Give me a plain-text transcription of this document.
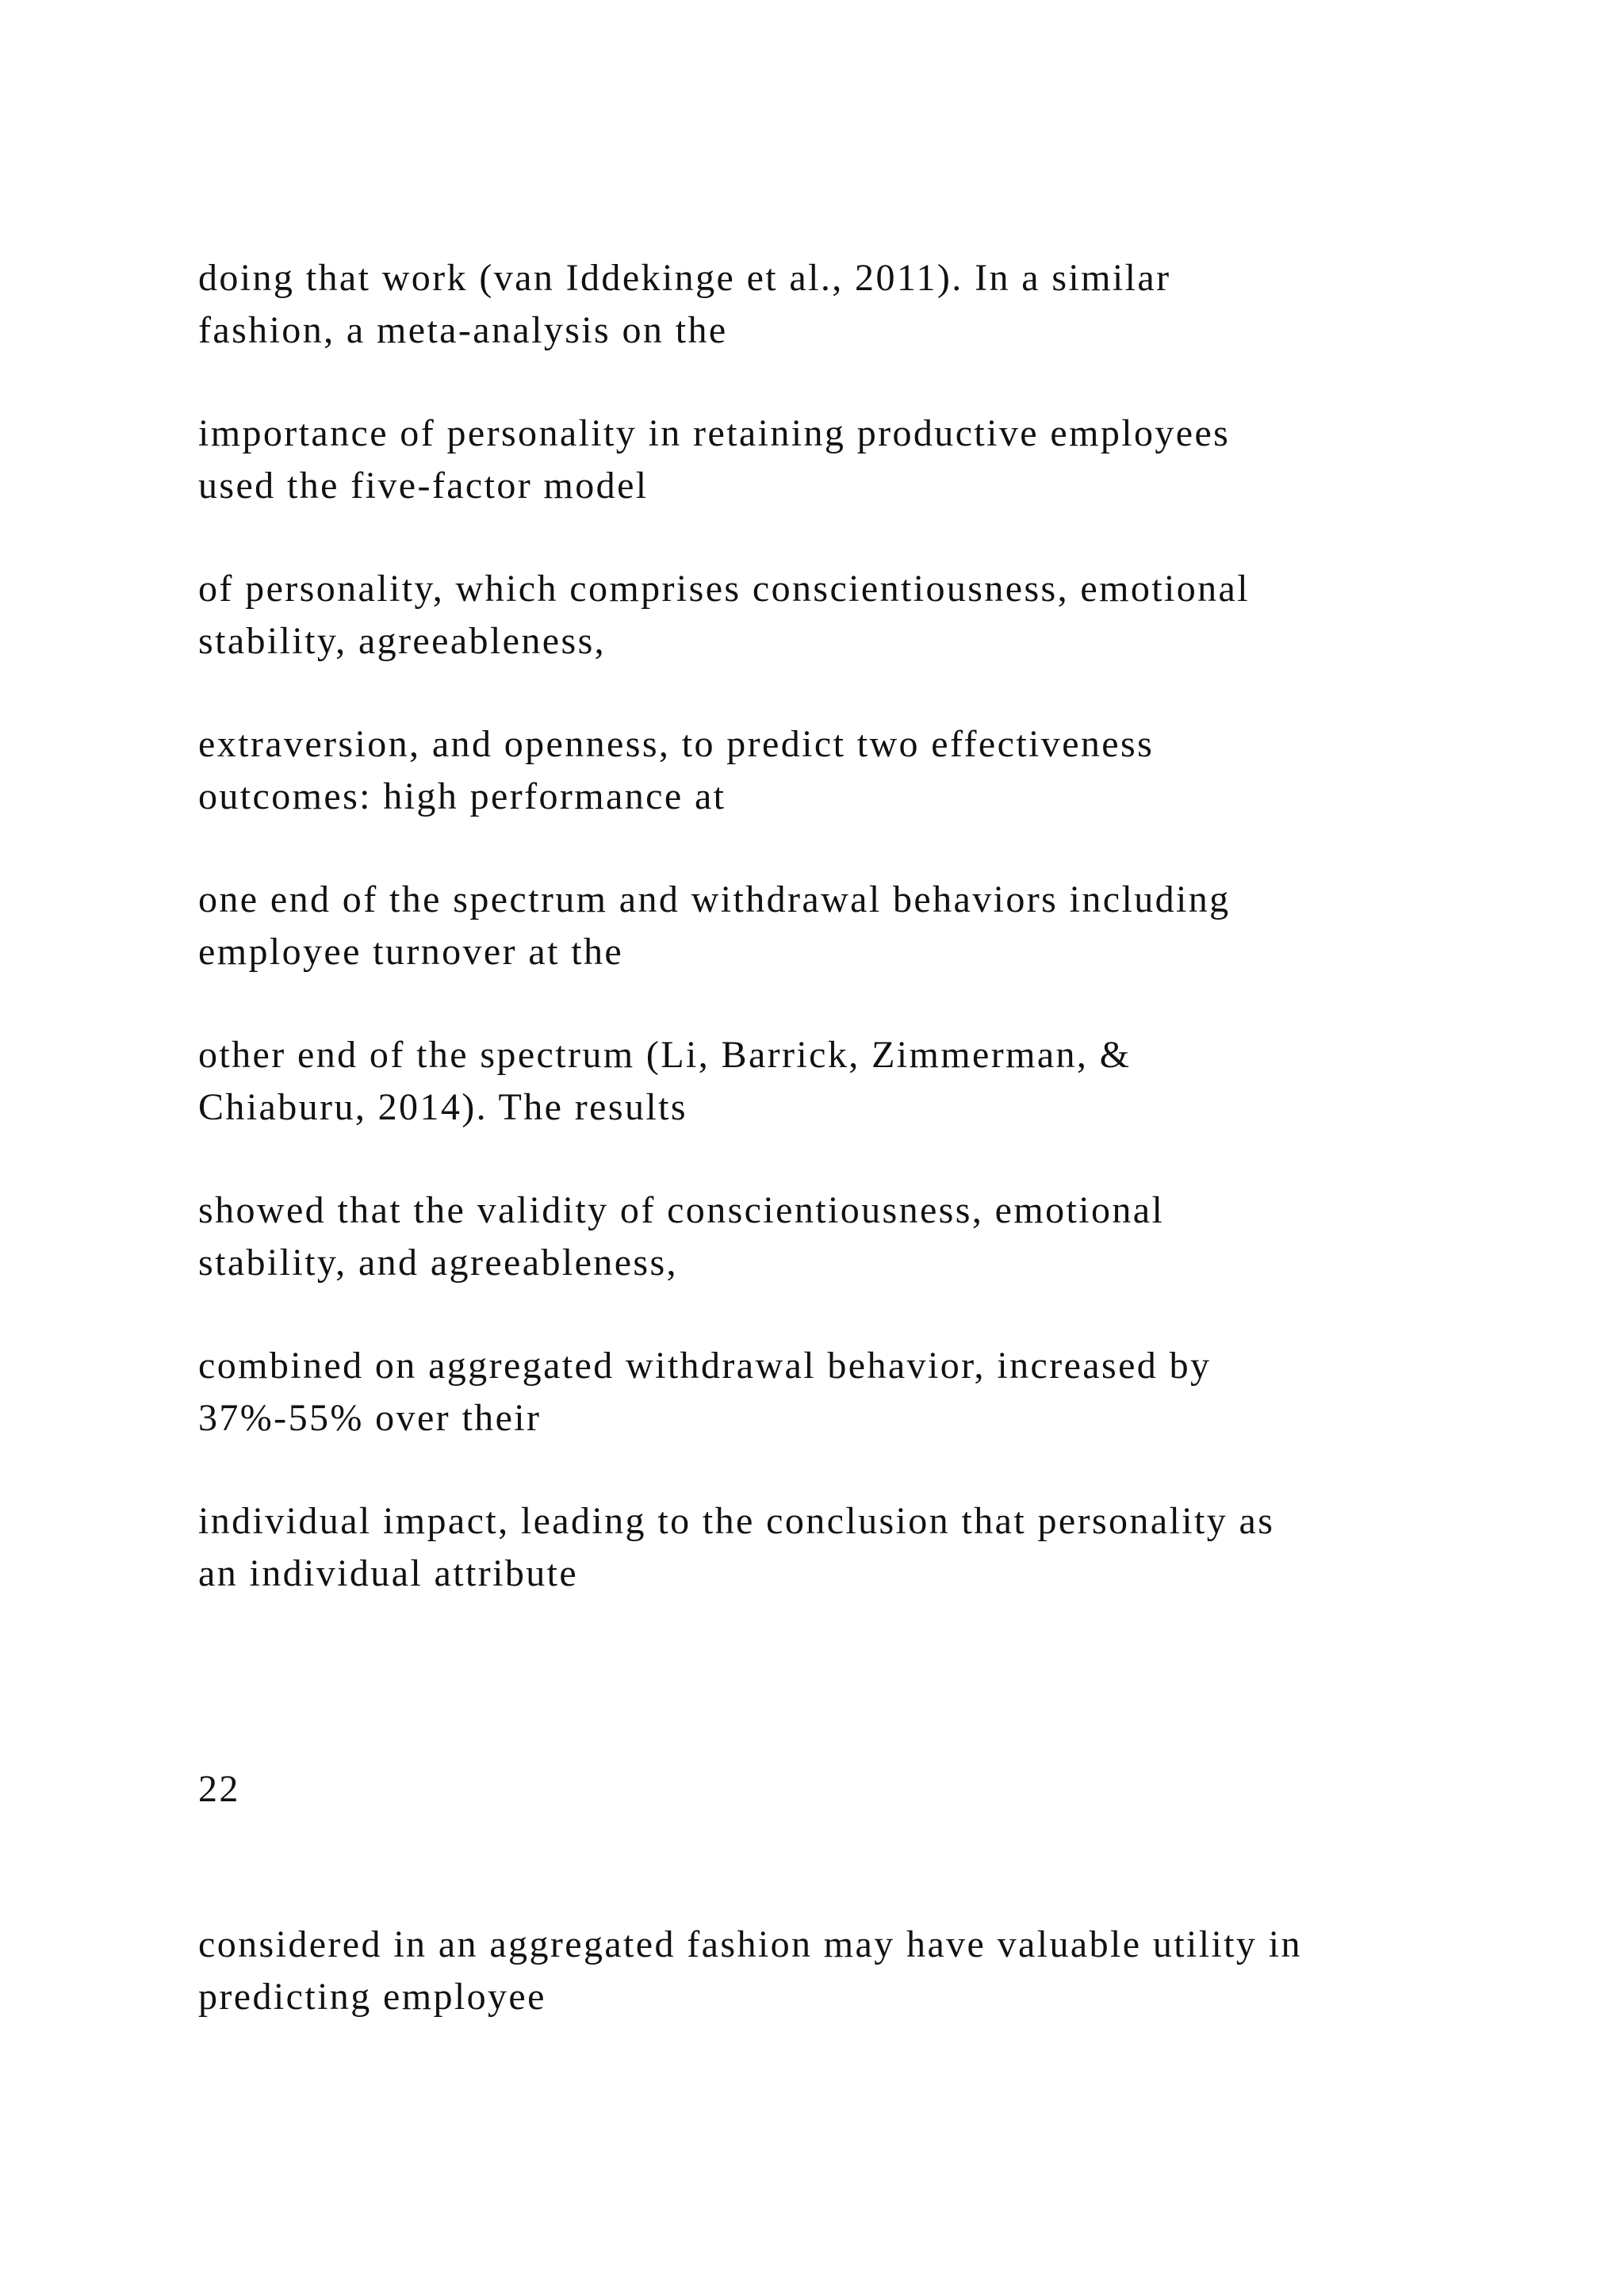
doing that work (van Iddekinge et al., 2011). In a similar
fashion, a meta-analysis on the

importance of personality in retaining productive employees
used the five-factor model

of personality, which comprises conscientiousness, emotional
stability, agreeableness,

extraversion, and openness, to predict two effectiveness
outcomes: high performance at

one end of the spectrum and withdrawal behaviors including
employee turnover at the

other end of the spectrum (Li, Barrick, Zimmerman, &
Chiaburu, 2014). The results

showed that the validity of conscientiousness, emotional
stability, and agreeableness,

combined on aggregated withdrawal behavior, increased by
37%-55% over their

individual impact, leading to the conclusion that personality as
an individual attribute

22

considered in an aggregated fashion may have valuable utility in
predicting employee
